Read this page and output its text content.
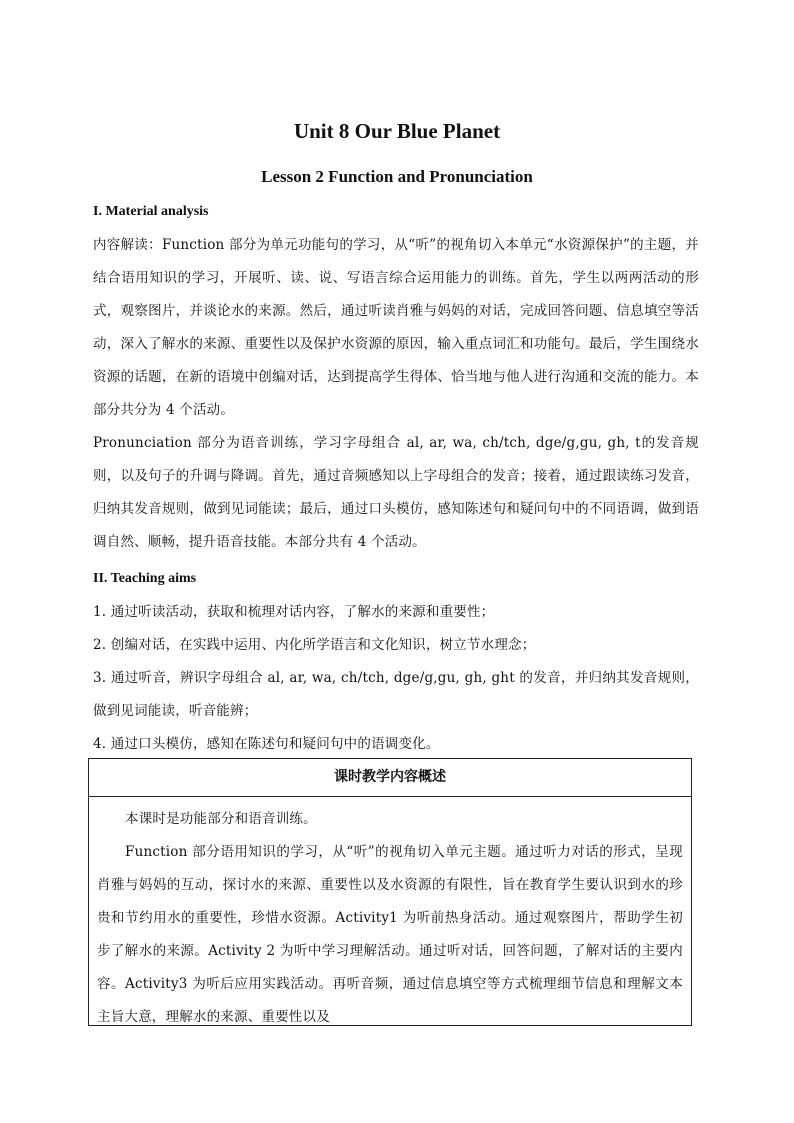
Unit 8 Our Blue Planet
Lesson 2 Function and Pronunciation
I. Material analysis

内容解读：Function 部分为单元功能句的学习，从“听”的视角切入本单元“水资源保护”的主题，并结合语用知识的学习，开展听、读、说、写语言综合运用能力的训练。首先，学生以两两活动的形式，观察图片，并谈论水的来源。然后，通过听读肖雅与妈妈的对话，完成回答问题、信息填空等活动，深入了解水的来源、重要性以及保护水资源的原因，输入重点词汇和功能句。最后，学生围绕水资源的话题，在新的语境中创编对话，达到提高学生得体、恰当地与他人进行沟通和交流的能力。本部分共分为 4 个活动。

Pronunciation 部分为语音训练，学习字母组合 al, ar, wa, ch/tch, dge/g,gu, gh, t的发音规则，以及句子的升调与降调。首先，通过音频感知以上字母组合的发音；接着，通过跟读练习发音，归纳其发音规则，做到见词能读；最后，通过口头模仿，感知陈述句和疑问句中的不同语调，做到语调自然、顺畅，提升语音技能。本部分共有 4 个活动。

II. Teaching aims
1. 通过听读活动，获取和梳理对话内容，了解水的来源和重要性；
2. 创编对话，在实践中运用、内化所学语言和文化知识，树立节水理念；
3. 通过听音，辨识字母组合 al, ar, wa, ch/tch, dge/g,gu, gh, ght 的发音，并归纳其发音规则，做到见词能读，听音能辨；
4. 通过口头模仿，感知在陈述句和疑问句中的语调变化。
课时教学内容概述

本课时是功能部分和语音训练。

Function 部分语用知识的学习，从“听”的视角切入单元主题。通过听力对话的形式，呈现肖雅与妈妈的互动，探讨水的来源、重要性以及水资源的有限性，旨在教育学生要认识到水的珍贵和节约用水的重要性，珍惜水资源。Activity1 为听前热身活动。通过观察图片，帮助学生初步了解水的来源。Activity 2 为听中学习理解活动。通过听对话，回答问题，了解对话的主要内容。Activity3 为听后应用实践活动。再听音频，通过信息填空等方式梳理细节信息和理解文本主旨大意，理解水的来源、重要性以及
